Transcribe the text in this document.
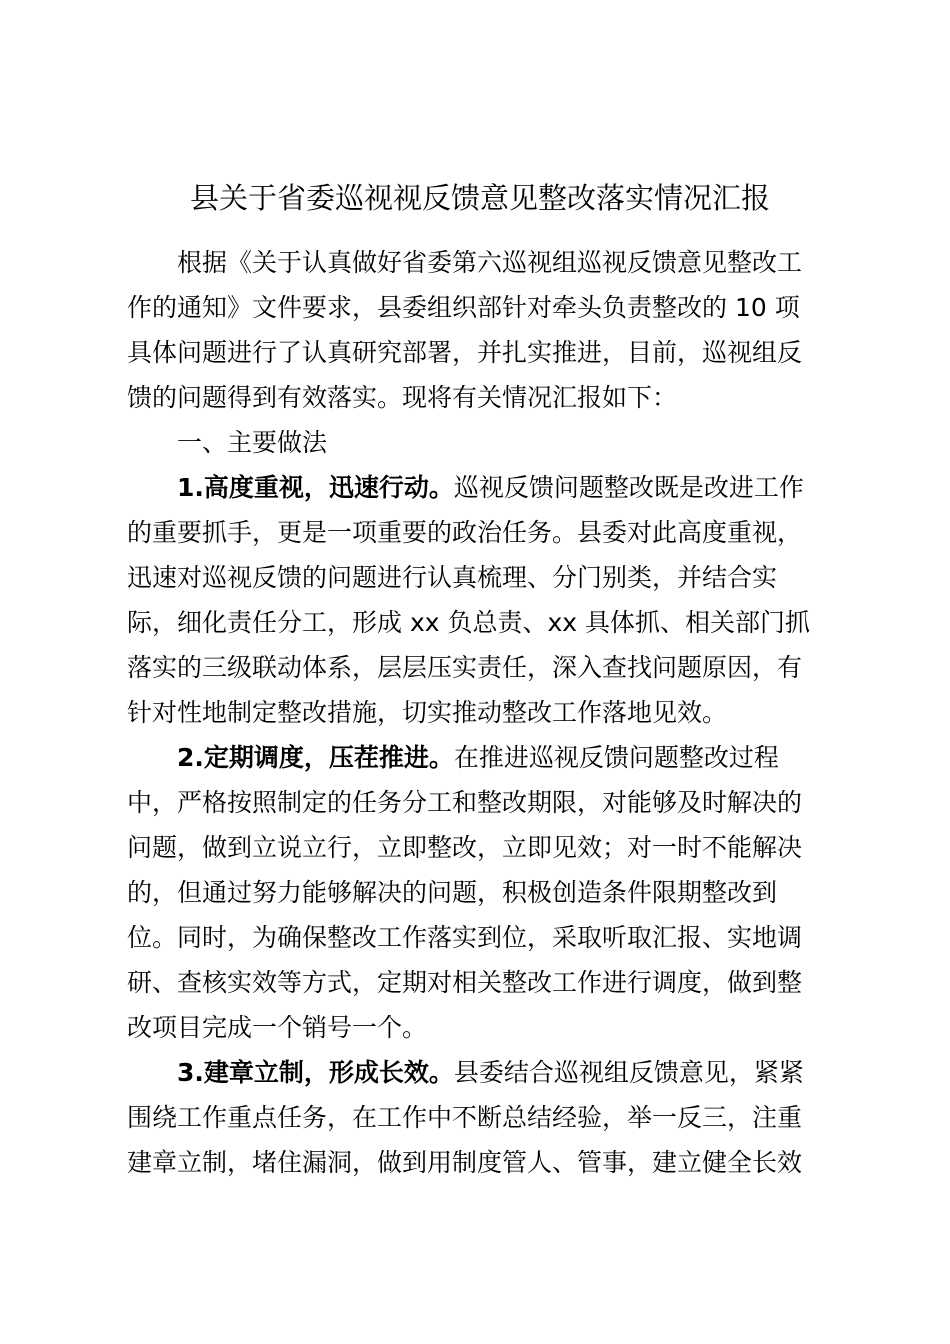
县关于省委巡视视反馈意见整改落实情况汇报
根据《关于认真做好省委第六巡视组巡视反馈意见整改工
作的通知》文件要求，县委组织部针对牵头负责整改的 10 项
具体问题进行了认真研究部署，并扎实推进，目前，巡视组反
馈的问题得到有效落实。现将有关情况汇报如下：
一、主要做法
1.高度重视，迅速行动。巡视反馈问题整改既是改进工作
的重要抓手，更是一项重要的政治任务。县委对此高度重视，
迅速对巡视反馈的问题进行认真梳理、分门别类，并结合实
际，细化责任分工，形成 xx 负总责、xx 具体抓、相关部门抓
落实的三级联动体系，层层压实责任，深入查找问题原因，有
针对性地制定整改措施，切实推动整改工作落地见效。
2.定期调度，压茬推进。在推进巡视反馈问题整改过程
中，严格按照制定的任务分工和整改期限，对能够及时解决的
问题，做到立说立行，立即整改，立即见效；对一时不能解决
的，但通过努力能够解决的问题，积极创造条件限期整改到
位。同时，为确保整改工作落实到位，采取听取汇报、实地调
研、查核实效等方式，定期对相关整改工作进行调度，做到整
改项目完成一个销号一个。
3.建章立制，形成长效。县委结合巡视组反馈意见，紧紧
围绕工作重点任务，在工作中不断总结经验，举一反三，注重
建章立制，堵住漏洞，做到用制度管人、管事，建立健全长效
